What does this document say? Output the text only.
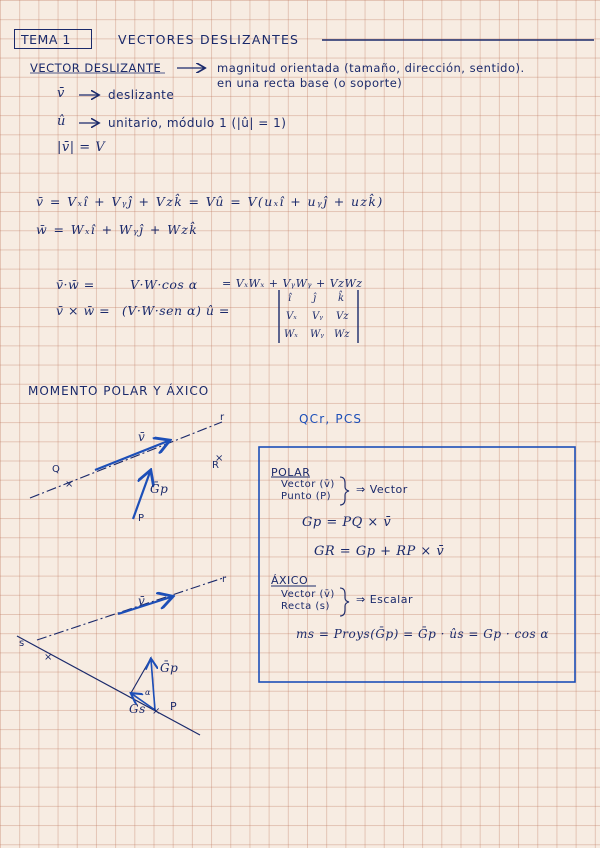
TEMA 1	VECTORES DESLIZANTES
×
×
×
×
VECTOR DESLIZANTE	magnitud orientada (tamaño, dirección, sentido).
en una recta base (o soporte)
v̄	deslizante
û	unitario, módulo 1 (|û| = 1)
|v̄| = V
v̄ = Vₓî + Vᵧĵ + Vzk̂ = Vû = V(uₓî + uᵧĵ + uzk̂)
w̄ = Wₓî + Wᵧĵ + Wzk̂
v̄·w̄ =	V·W·cos α = VₓWₓ + VᵧWᵧ + VzWz
v̄ × w̄ = (V·W·sen α) û =
î ĵ k̂
Vₓ Vᵧ Vz
Wₓ Wᵧ Wz
MOMENTO POLAR Y ÁXICO
QCr, PCS
r
v̄
Q	R
Ḡp
P
r
v̄
s
Ḡp
Gs P
α
POLAR
Vector (v̄)
Punto (P)
⇒ Vector
Gp = PQ × v̄
GR = Gp + RP × v̄
ÁXICO
Vector (v̄)
Recta (s)
⇒ Escalar
ms = Proys(Ḡp) = Ḡp · ûs = Gp · cos α
